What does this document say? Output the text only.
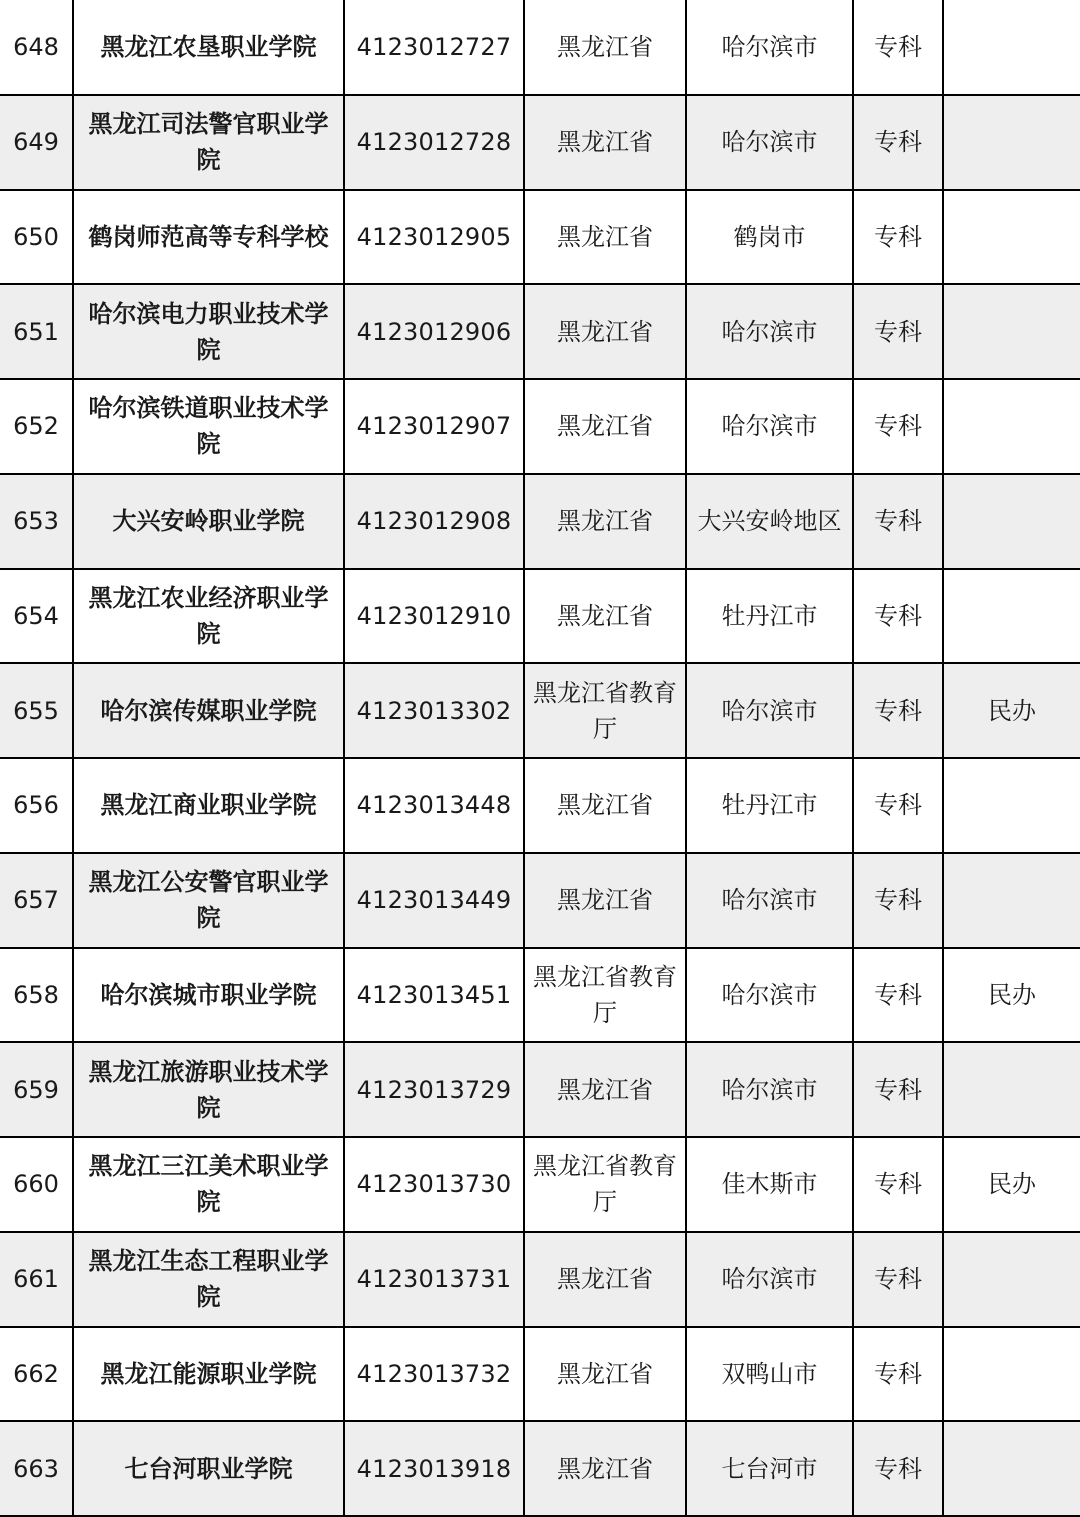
648	黑龙江农垦职业学院	4123012727	黑龙江省	哈尔滨市	专科	
649	黑龙江司法警官职业学院	4123012728	黑龙江省	哈尔滨市	专科	
650	鹤岗师范高等专科学校	4123012905	黑龙江省	鹤岗市	专科	
651	哈尔滨电力职业技术学院	4123012906	黑龙江省	哈尔滨市	专科	
652	哈尔滨铁道职业技术学院	4123012907	黑龙江省	哈尔滨市	专科	
653	大兴安岭职业学院	4123012908	黑龙江省	大兴安岭地区	专科	
654	黑龙江农业经济职业学院	4123012910	黑龙江省	牡丹江市	专科	
655	哈尔滨传媒职业学院	4123013302	黑龙江省教育厅	哈尔滨市	专科	民办
656	黑龙江商业职业学院	4123013448	黑龙江省	牡丹江市	专科	
657	黑龙江公安警官职业学院	4123013449	黑龙江省	哈尔滨市	专科	
658	哈尔滨城市职业学院	4123013451	黑龙江省教育厅	哈尔滨市	专科	民办
659	黑龙江旅游职业技术学院	4123013729	黑龙江省	哈尔滨市	专科	
660	黑龙江三江美术职业学院	4123013730	黑龙江省教育厅	佳木斯市	专科	民办
661	黑龙江生态工程职业学院	4123013731	黑龙江省	哈尔滨市	专科	
662	黑龙江能源职业学院	4123013732	黑龙江省	双鸭山市	专科	
663	七台河职业学院	4123013918	黑龙江省	七台河市	专科	
